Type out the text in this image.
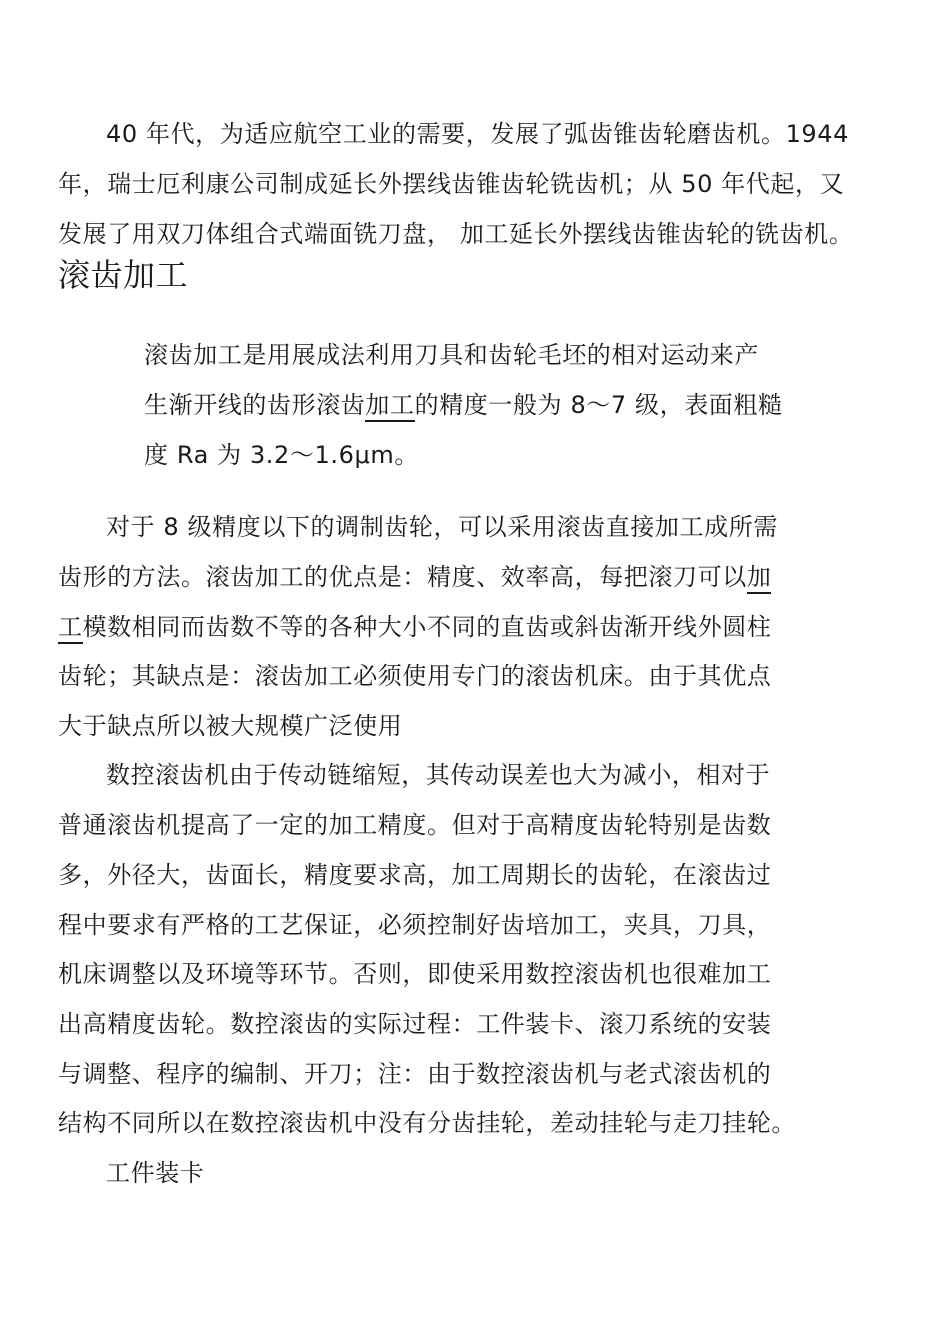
40 年代，为适应航空工业的需要，发展了弧齿锥齿轮磨齿机。1944
年，瑞士厄利康公司制成延长外摆线齿锥齿轮铣齿机；从 50 年代起，又
发展了用双刀体组合式端面铣刀盘， 加工延长外摆线齿锥齿轮的铣齿机。
滚齿加工
滚齿加工是用展成法利用刀具和齿轮毛坯的相对运动来产
生渐开线的齿形滚齿加工的精度一般为 8～7 级，表面粗糙
度 Ra 为 3.2～1.6μm。
对于 8 级精度以下的调制齿轮，可以采用滚齿直接加工成所需
齿形的方法。滚齿加工的优点是：精度、效率高，每把滚刀可以加
工模数相同而齿数不等的各种大小不同的直齿或斜齿渐开线外圆柱
齿轮；其缺点是：滚齿加工必须使用专门的滚齿机床。由于其优点
大于缺点所以被大规模广泛使用
数控滚齿机由于传动链缩短，其传动误差也大为减小，相对于
普通滚齿机提高了一定的加工精度。但对于高精度齿轮特别是齿数
多，外径大，齿面长，精度要求高，加工周期长的齿轮，在滚齿过
程中要求有严格的工艺保证，必须控制好齿培加工，夹具，刀具，
机床调整以及环境等环节。否则，即使采用数控滚齿机也很难加工
出高精度齿轮。数控滚齿的实际过程：工件装卡、滚刀系统的安装
与调整、程序的编制、开刀；注：由于数控滚齿机与老式滚齿机的
结构不同所以在数控滚齿机中没有分齿挂轮，差动挂轮与走刀挂轮。
工件装卡
